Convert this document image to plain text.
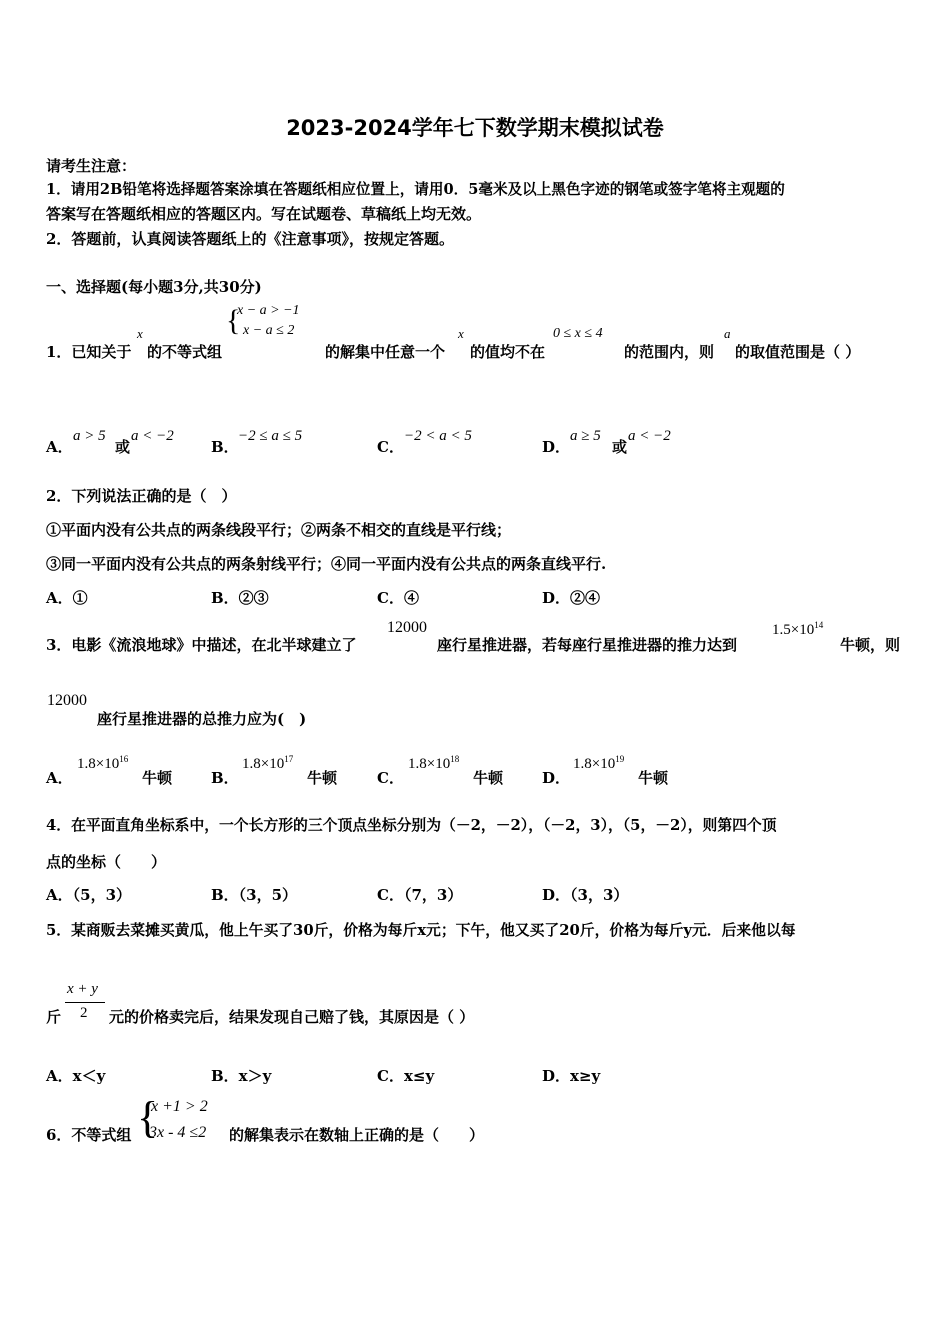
2023-2024学年七下数学期末模拟试卷
请考生注意：
1．请用2B铅笔将选择题答案涂填在答题纸相应位置上，请用0．5毫米及以上黑色字迹的钢笔或签字笔将主观题的
答案写在答题纸相应的答题区内。写在试题卷、草稿纸上均无效。
2．答题前，认真阅读答题纸上的《注意事项》，按规定答题。
一、选择题(每小题3分,共30分)
1．已知关于
x
的不等式组
{
x − a > −1
x − a ≤ 2
的解集中任意一个
x
的值均不在
0 ≤ x ≤ 4
的范围内，则
a
的取值范围是（ ）
A．
a > 5
或
a < −2
B．
−2 ≤ a ≤ 5
C．
−2 < a < 5
D．
a ≥ 5
或
a < −2
2．下列说法正确的是（　）
①平面内没有公共点的两条线段平行；②两条不相交的直线是平行线；
③同一平面内没有公共点的两条射线平行；④同一平面内没有公共点的两条直线平行.
A．①	B．②③	C．④	D．②④
3．电影《流浪地球》中描述，在北半球建立了
12000
座行星推进器，若每座行星推进器的推力达到
$1.5\times 10^{14}$
牛顿，则
12000
座行星推进器的总推力应为(　)
A．
$1.8\times 10^{16}$
牛顿	B．
$1.8\times 10^{17}$
牛顿	C．
$1.8\times 10^{18}$
牛顿	D．
$1.8\times 10^{19}$
牛顿
4．在平面直角坐标系中，一个长方形的三个顶点坐标分别为（－2，－2），（－2，3），（5，－2），则第四个顶
点的坐标（　　）
A．（5，3）	B．（3，5）	C．（7，3）	D．（3，3）
5．某商贩去菜摊买黄瓜，他上午买了30斤，价格为每斤x元；下午，他又买了20斤，价格为每斤y元．后来他以每
斤
x + y
2 元的价格卖完后，结果发现自己赔了钱，其原因是（ ）
A．x＜y	B．x＞y	C．x≤y	D．x≥y
6．不等式组 {
x +1 > 2
3x - 4 ≤2 的解集表示在数轴上正确的是（　　）
